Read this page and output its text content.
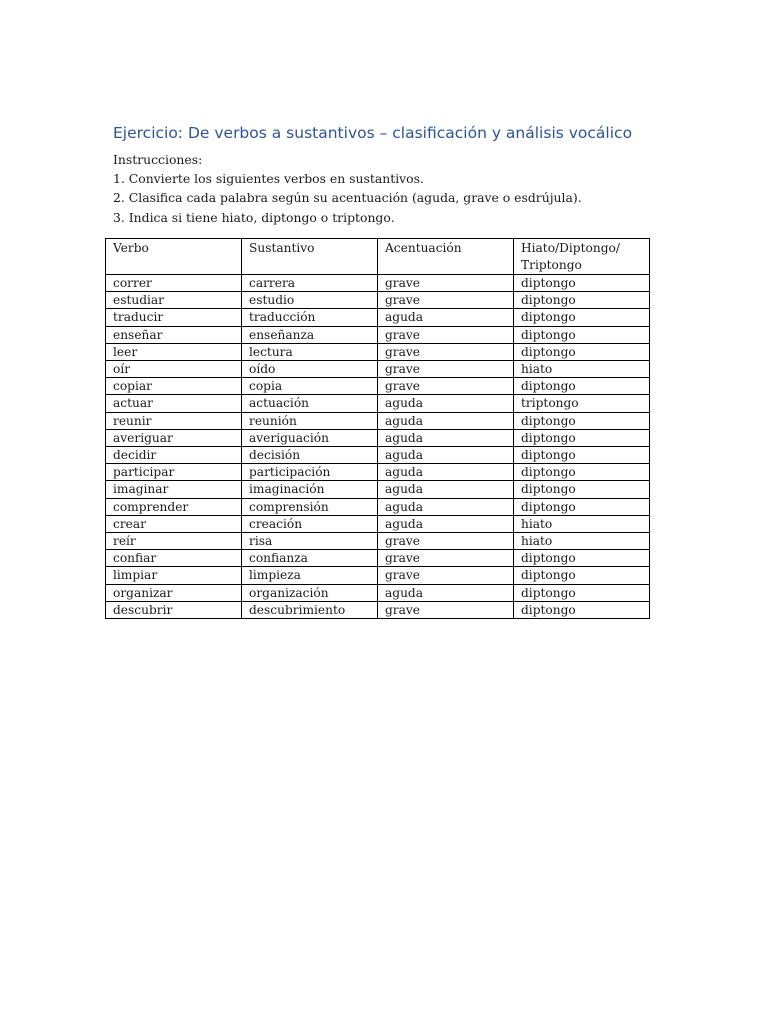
Ejercicio: De verbos a sustantivos – clasificación y análisis vocálico
Instrucciones:
1. Convierte los siguientes verbos en sustantivos.
2. Clasifica cada palabra según su acentuación (aguda, grave o esdrújula).
3. Indica si tiene hiato, diptongo o triptongo.
Verbo	Sustantivo	Acentuación	Hiato/Diptongo/ Triptongo
correr	carrera	grave	diptongo
estudiar	estudio	grave	diptongo
traducir	traducción	aguda	diptongo
enseñar	enseñanza	grave	diptongo
leer	lectura	grave	diptongo
oír	oído	grave	hiato
copiar	copia	grave	diptongo
actuar	actuación	aguda	triptongo
reunir	reunión	aguda	diptongo
averiguar	averiguación	aguda	diptongo
decidir	decisión	aguda	diptongo
participar	participación	aguda	diptongo
imaginar	imaginación	aguda	diptongo
comprender	comprensión	aguda	diptongo
crear	creación	aguda	hiato
reír	risa	grave	hiato
confiar	confianza	grave	diptongo
limpiar	limpieza	grave	diptongo
organizar	organización	aguda	diptongo
descubrir	descubrimiento	grave	diptongo
